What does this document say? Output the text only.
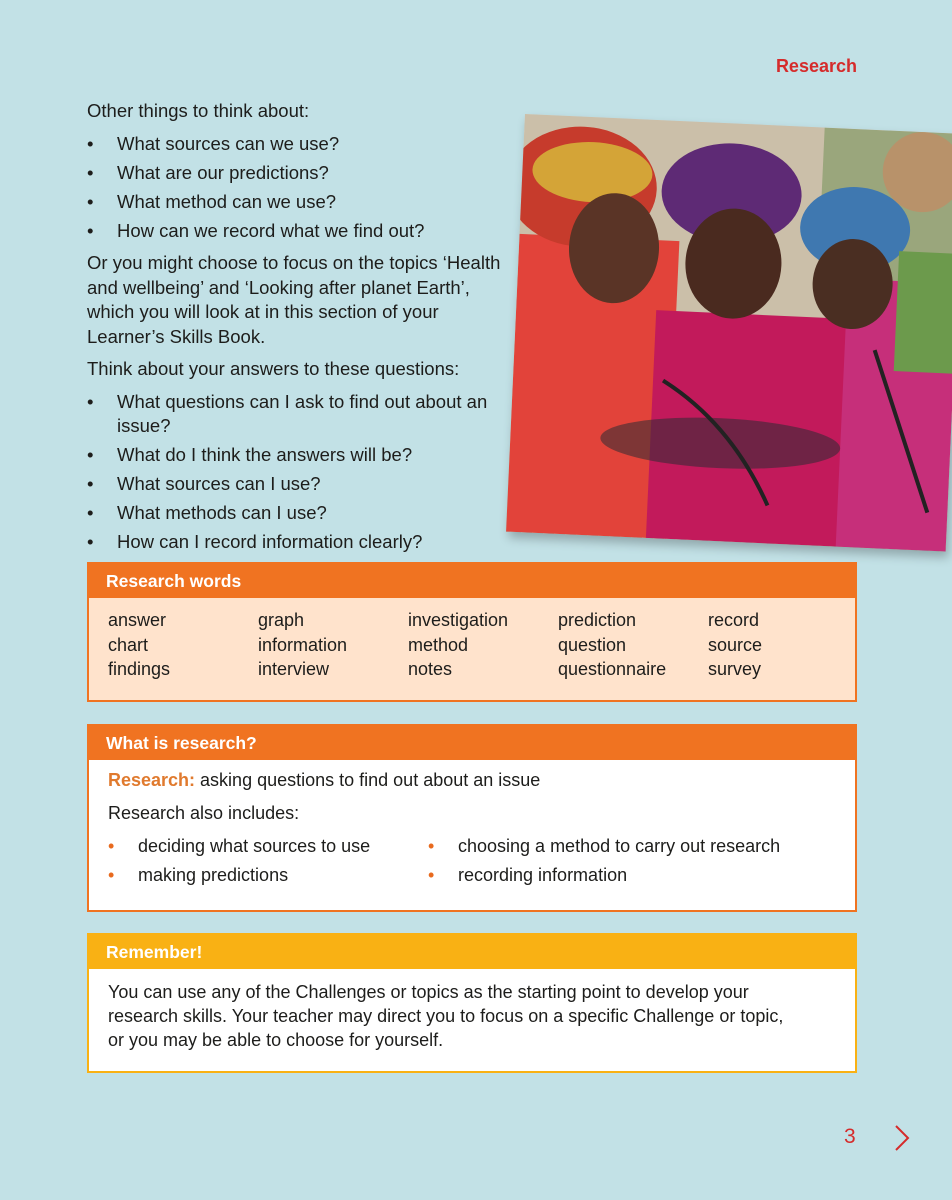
Research

Other things to think about:

• What sources can we use?
• What are our predictions?
• What method can we use?
• How can we record what we find out?

Or you might choose to focus on the topics ‘Health and wellbeing’ and ‘Looking after planet Earth’, which you will look at in this section of your Learner’s Skills Book.

Think about your answers to these questions:

• What questions can I ask to find out about an issue?
• What do I think the answers will be?
• What sources can I use?
• What methods can I use?
• How can I record information clearly?
Research words
answer	graph	investigation	prediction	record
chart	information	method	question	source
findings	interview	notes	questionnaire	survey
What is research?

Research: asking questions to find out about an issue

Research also includes:

• deciding what sources to use	• choosing a method to carry out research
• making predictions	• recording information
Remember!
You can use any of the Challenges or topics as the starting point to develop your research skills. Your teacher may direct you to focus on a specific Challenge or topic, or you may be able to choose for yourself.
3
